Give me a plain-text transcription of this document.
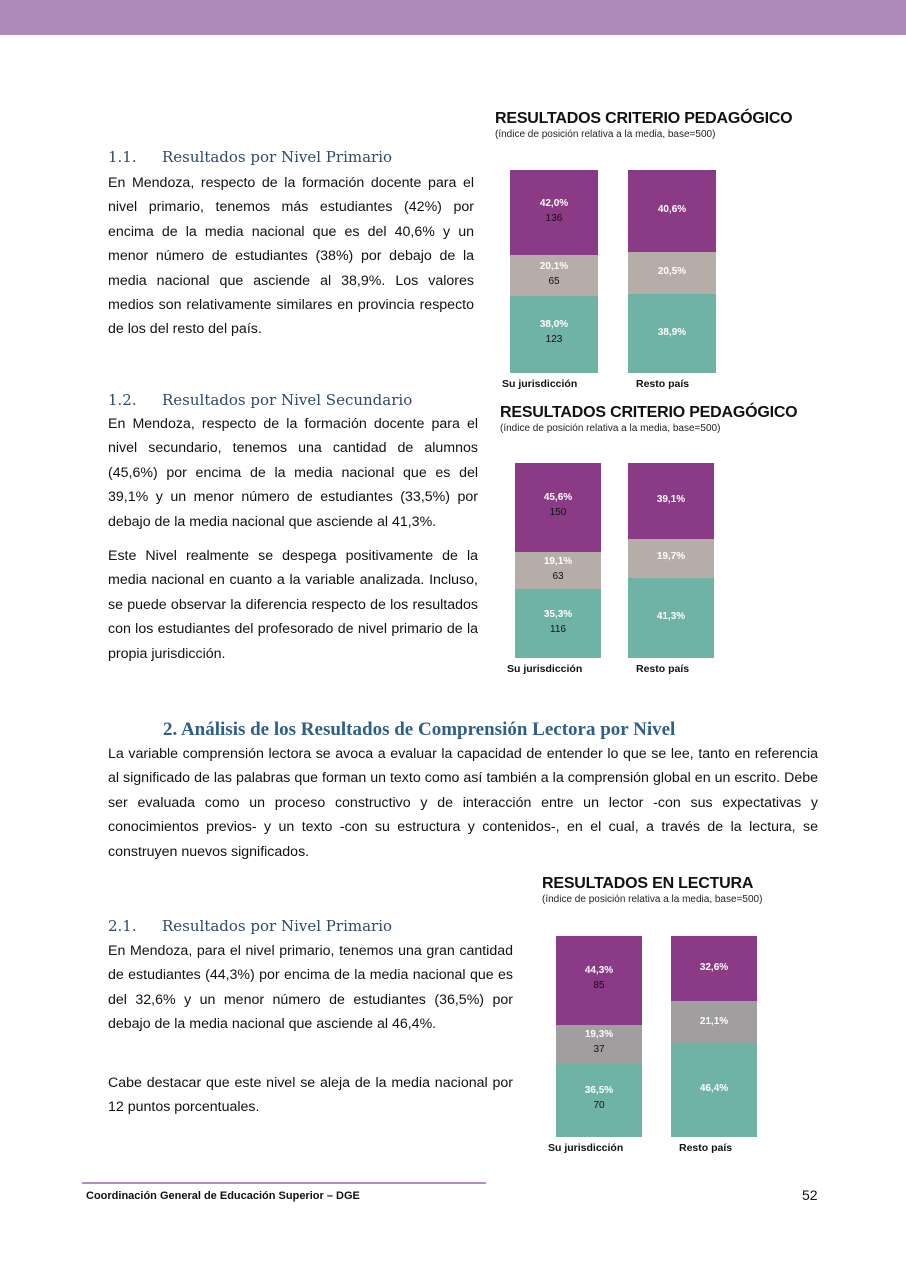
1.1. Resultados por Nivel Primario
En Mendoza, respecto de la formación docente para el nivel primario, tenemos más estudiantes (42%) por encima de la media nacional que es del 40,6% y un menor número de estudiantes (38%) por debajo de la media nacional que asciende al 38,9%. Los valores medios son relativamente similares en provincia respecto de los del resto del país.
1.2. Resultados por Nivel Secundario
En Mendoza, respecto de la formación docente para el nivel secundario, tenemos una cantidad de alumnos (45,6%) por encima de la media nacional que es del 39,1% y un menor número de estudiantes (33,5%) por debajo de la media nacional que asciende al 41,3%.
Este Nivel realmente se despega positivamente de la media nacional en cuanto a la variable analizada. Incluso, se puede observar la diferencia respecto de los resultados con los estudiantes del profesorado de nivel primario de la propia jurisdicción.
2. Análisis de los Resultados de Comprensión Lectora por Nivel
La variable comprensión lectora se avoca a evaluar la capacidad de entender lo que se lee, tanto en referencia al significado de las palabras que forman un texto como así también a la comprensión global en un escrito. Debe ser evaluada como un proceso constructivo y de interacción entre un lector -con sus expectativas y conocimientos previos- y un texto -con su estructura y contenidos-, en el cual, a través de la lectura, se construyen nuevos significados.
2.1. Resultados por Nivel Primario
En Mendoza, para el nivel primario, tenemos una gran cantidad de estudiantes (44,3%) por encima de la media nacional que es del 32,6% y un menor número de estudiantes (36,5%) por debajo de la media nacional que asciende al 46,4%.
Cabe destacar que este nivel se aleja de la media nacional por 12 puntos porcentuales.
RESULTADOS CRITERIO PEDAGÓGICO
(índice de posición relativa a la media, base=500)
38,0%
123
20,1%
65
42,0%
136
Su jurisdicción
38,9%
20,5%
40,6%
Resto país
RESULTADOS CRITERIO PEDAGÓGICO
(índice de posición relativa a la media, base=500)
35,3%
116
19,1%
63
45,6%
150
Su jurisdicción
41,3%
19,7%
39,1%
Resto país
RESULTADOS EN LECTURA
(índice de posición relativa a la media, base=500)
36,5%
70
19,3%
37
44,3%
85
Su jurisdicción
46,4%
21,1%
32,6%
Resto país
Coordinación General de Educación Superior – DGE	52
